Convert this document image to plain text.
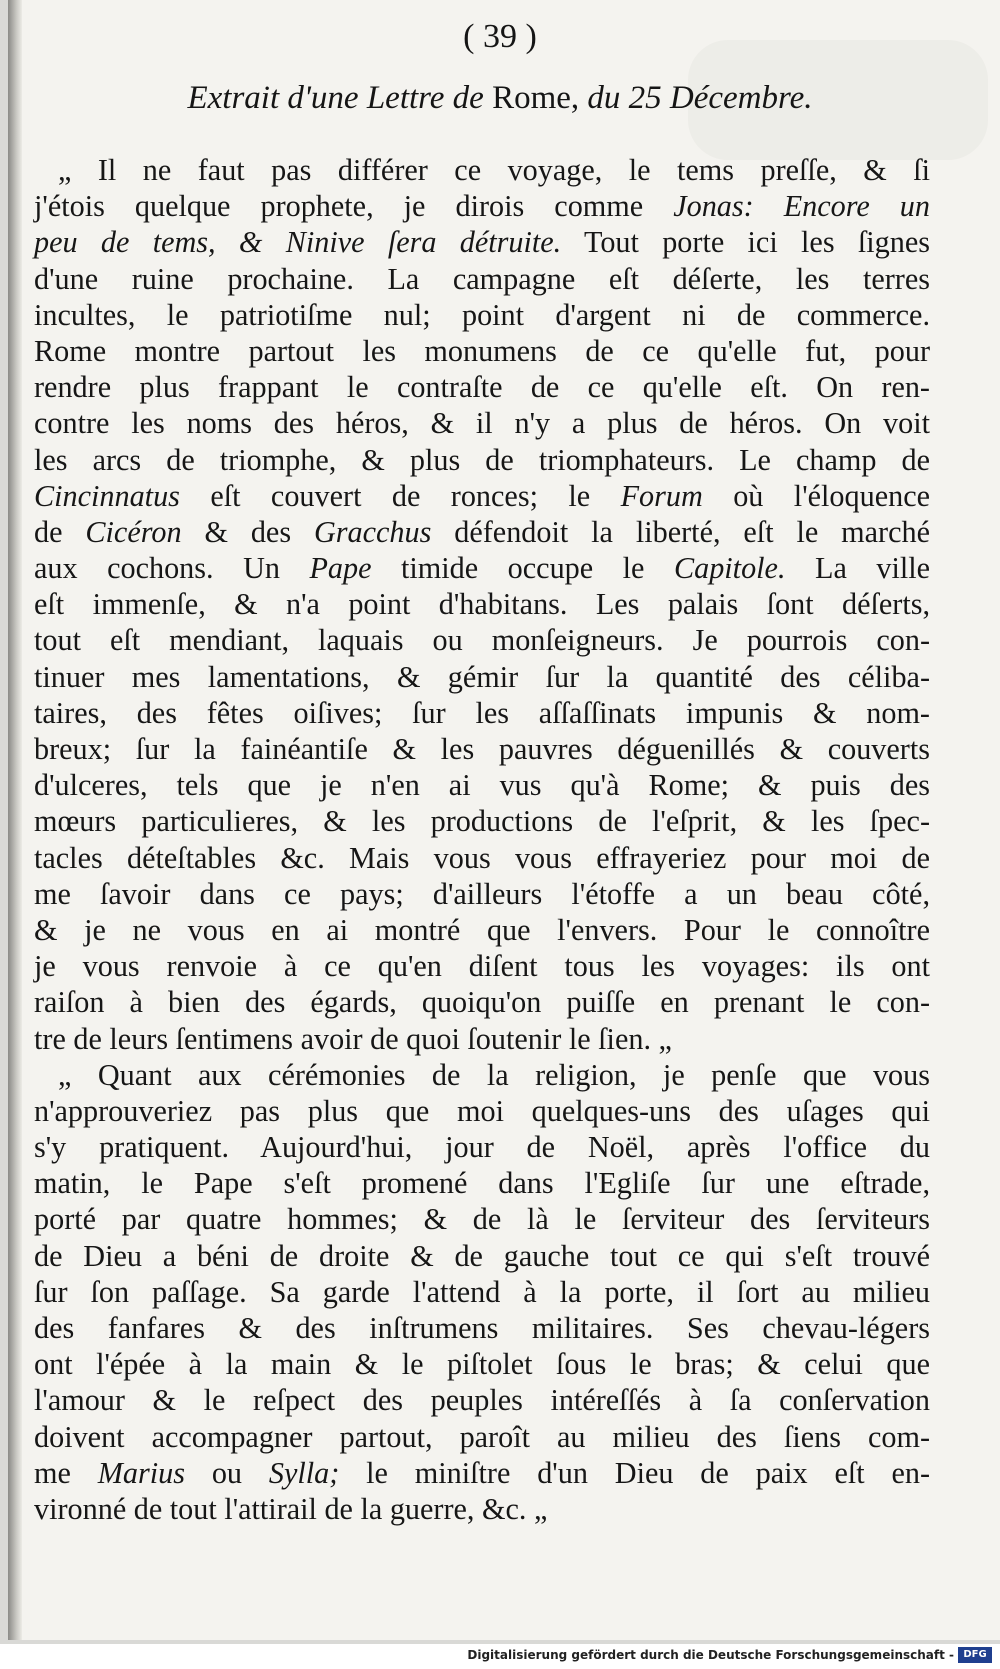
( 39 )
Extrait d'une Lettre de Rome, du 25 Décembre.
„ Il ne faut pas différer ce voyage, le tems preſſe, & ſi
j'étois quelque prophete, je dirois comme Jonas: Encore un
peu de tems, & Ninive ſera détruite. Tout porte ici les ſignes
d'une ruine prochaine. La campagne eſt déſerte, les terres
incultes, le patriotiſme nul; point d'argent ni de commerce.
Rome montre partout les monumens de ce qu'elle fut, pour
rendre plus frappant le contraſte de ce qu'elle eſt. On ren-
contre les noms des héros, & il n'y a plus de héros. On voit
les arcs de triomphe, & plus de triomphateurs. Le champ de
Cincinnatus eſt couvert de ronces; le Forum où l'éloquence
de Cicéron & des Gracchus défendoit la liberté, eſt le marché
aux cochons. Un Pape timide occupe le Capitole. La ville
eſt immenſe, & n'a point d'habitans. Les palais ſont déſerts,
tout eſt mendiant, laquais ou monſeigneurs. Je pourrois con-
tinuer mes lamentations, & gémir ſur la quantité des céliba-
taires, des fêtes oiſives; ſur les aſſaſſinats impunis & nom-
breux; ſur la fainéantiſe & les pauvres déguenillés & couverts
d'ulceres, tels que je n'en ai vus qu'à Rome; & puis des
mœurs particulieres, & les productions de l'eſprit, & les ſpec-
tacles déteſtables &c. Mais vous vous effrayeriez pour moi de
me ſavoir dans ce pays; d'ailleurs l'étoffe a un beau côté,
& je ne vous en ai montré que l'envers. Pour le connoître
je vous renvoie à ce qu'en diſent tous les voyages: ils ont
raiſon à bien des égards, quoiqu'on puiſſe en prenant le con-
tre de leurs ſentimens avoir de quoi ſoutenir le ſien. „
„ Quant aux cérémonies de la religion, je penſe que vous
n'approuveriez pas plus que moi quelques-uns des uſages qui
s'y pratiquent. Aujourd'hui, jour de Noël, après l'office du
matin, le Pape s'eſt promené dans l'Egliſe ſur une eſtrade,
porté par quatre hommes; & de là le ſerviteur des ſerviteurs
de Dieu a béni de droite & de gauche tout ce qui s'eſt trouvé
ſur ſon paſſage. Sa garde l'attend à la porte, il ſort au milieu
des fanfares & des inſtrumens militaires. Ses chevau-légers
ont l'épée à la main & le piſtolet ſous le bras; & celui que
l'amour & le reſpect des peuples intéreſſés à ſa conſervation
doivent accompagner partout, paroît au milieu des ſiens com-
me Marius ou Sylla; le miniſtre d'un Dieu de paix eſt en-
vironné de tout l'attirail de la guerre, &c. „
Digitalisierung gefördert durch die Deutsche Forschungsgemeinschaft - DFG
